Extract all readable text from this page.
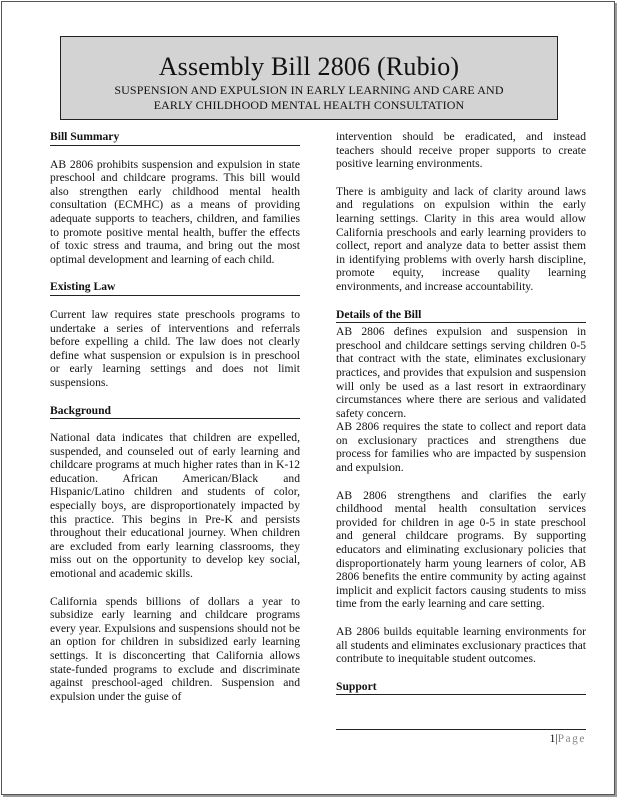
Assembly Bill 2806 (Rubio)
SUSPENSION AND EXPULSION IN EARLY LEARNING AND CARE AND
EARLY CHILDHOOD MENTAL HEALTH CONSULTATION
Bill Summary

AB 2806 prohibits suspension and expulsion in state preschool and childcare programs. This bill would also strengthen early childhood mental health consultation (ECMHC) as a means of providing adequate supports to teachers, children, and families to promote positive mental health, buffer the effects of toxic stress and trauma, and bring out the most optimal development and learning of each child.

Existing Law

Current law requires state preschools programs to undertake a series of interventions and referrals before expelling a child. The law does not clearly define what suspension or expulsion is in preschool or early learning settings and does not limit suspensions.

Background

National data indicates that children are expelled, suspended, and counseled out of early learning and childcare programs at much higher rates than in K-12 education. African American/Black and Hispanic/Latino children and students of color, especially boys, are disproportionately impacted by this practice. This begins in Pre-K and persists throughout their educational journey. When children are excluded from early learning classrooms, they miss out on the opportunity to develop key social, emotional and academic skills.

California spends billions of dollars a year to subsidize early learning and childcare programs every year. Expulsions and suspensions should not be an option for children in subsidized early learning settings. It is disconcerting that California allows state-funded programs to exclude and discriminate against preschool-aged children. Suspension and expulsion under the guise of

intervention should be eradicated, and instead teachers should receive proper supports to create positive learning environments.

There is ambiguity and lack of clarity around laws and regulations on expulsion within the early learning settings. Clarity in this area would allow California preschools and early learning providers to collect, report and analyze data to better assist them in identifying problems with overly harsh discipline, promote equity, increase quality learning environments, and increase accountability.

Details of the Bill

AB 2806 defines expulsion and suspension in preschool and childcare settings serving children 0-5 that contract with the state, eliminates exclusionary practices, and provides that expulsion and suspension will only be used as a last resort in extraordinary circumstances where there are serious and validated safety concern.

AB 2806 requires the state to collect and report data on exclusionary practices and strengthens due process for families who are impacted by suspension and expulsion.

AB 2806 strengthens and clarifies the early childhood mental health consultation services provided for children in age 0-5 in state preschool and general childcare programs. By supporting educators and eliminating exclusionary policies that disproportionately harm young learners of color, AB 2806 benefits the entire community by acting against implicit and explicit factors causing students to miss time from the early learning and care setting.

AB 2806 builds equitable learning environments for all students and eliminates exclusionary practices that contribute to inequitable student outcomes.

Support
1|Page
